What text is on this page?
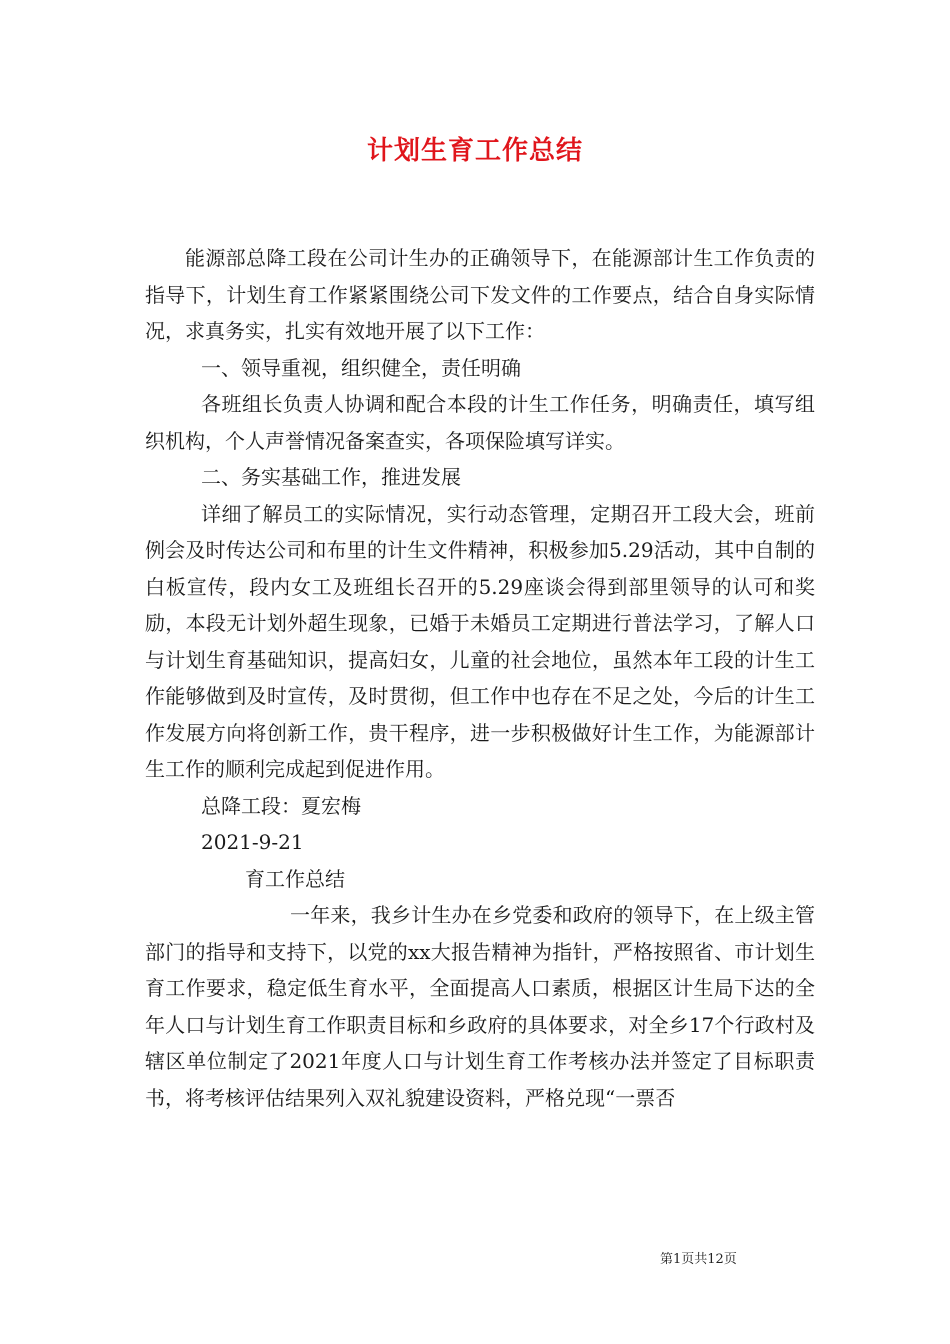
计划生育工作总结

能源部总降工段在公司计生办的正确领导下，在能源部计生工作负责的指导下，计划生育工作紧紧围绕公司下发文件的工作要点，结合自身实际情况，求真务实，扎实有效地开展了以下工作：

一、领导重视，组织健全，责任明确

各班组长负责人协调和配合本段的计生工作任务，明确责任，填写组织机构，个人声誉情况备案查实，各项保险填写详实。

二、务实基础工作，推进发展

详细了解员工的实际情况，实行动态管理，定期召开工段大会，班前例会及时传达公司和布里的计生文件精神，积极参加5.29活动，其中自制的白板宣传，段内女工及班组长召开的5.29座谈会得到部里领导的认可和奖励，本段无计划外超生现象，已婚于未婚员工定期进行普法学习，了解人口与计划生育基础知识，提高妇女，儿童的社会地位，虽然本年工段的计生工作能够做到及时宣传，及时贯彻，但工作中也存在不足之处，今后的计生工作发展方向将创新工作，贵干程序，进一步积极做好计生工作，为能源部计生工作的顺利完成起到促进作用。

总降工段：夏宏梅

2021-9-21

育工作总结

一年来，我乡计生办在乡党委和政府的领导下，在上级主管部门的指导和支持下，以党的xx大报告精神为指针，严格按照省、市计划生育工作要求，稳定低生育水平，全面提高人口素质，根据区计生局下达的全年人口与计划生育工作职责目标和乡政府的具体要求，对全乡17个行政村及辖区单位制定了2021年度人口与计划生育工作考核办法并签定了目标职责书，将考核评估结果列入双礼貌建设资料，严格兑现“一票否

第1页共12页
